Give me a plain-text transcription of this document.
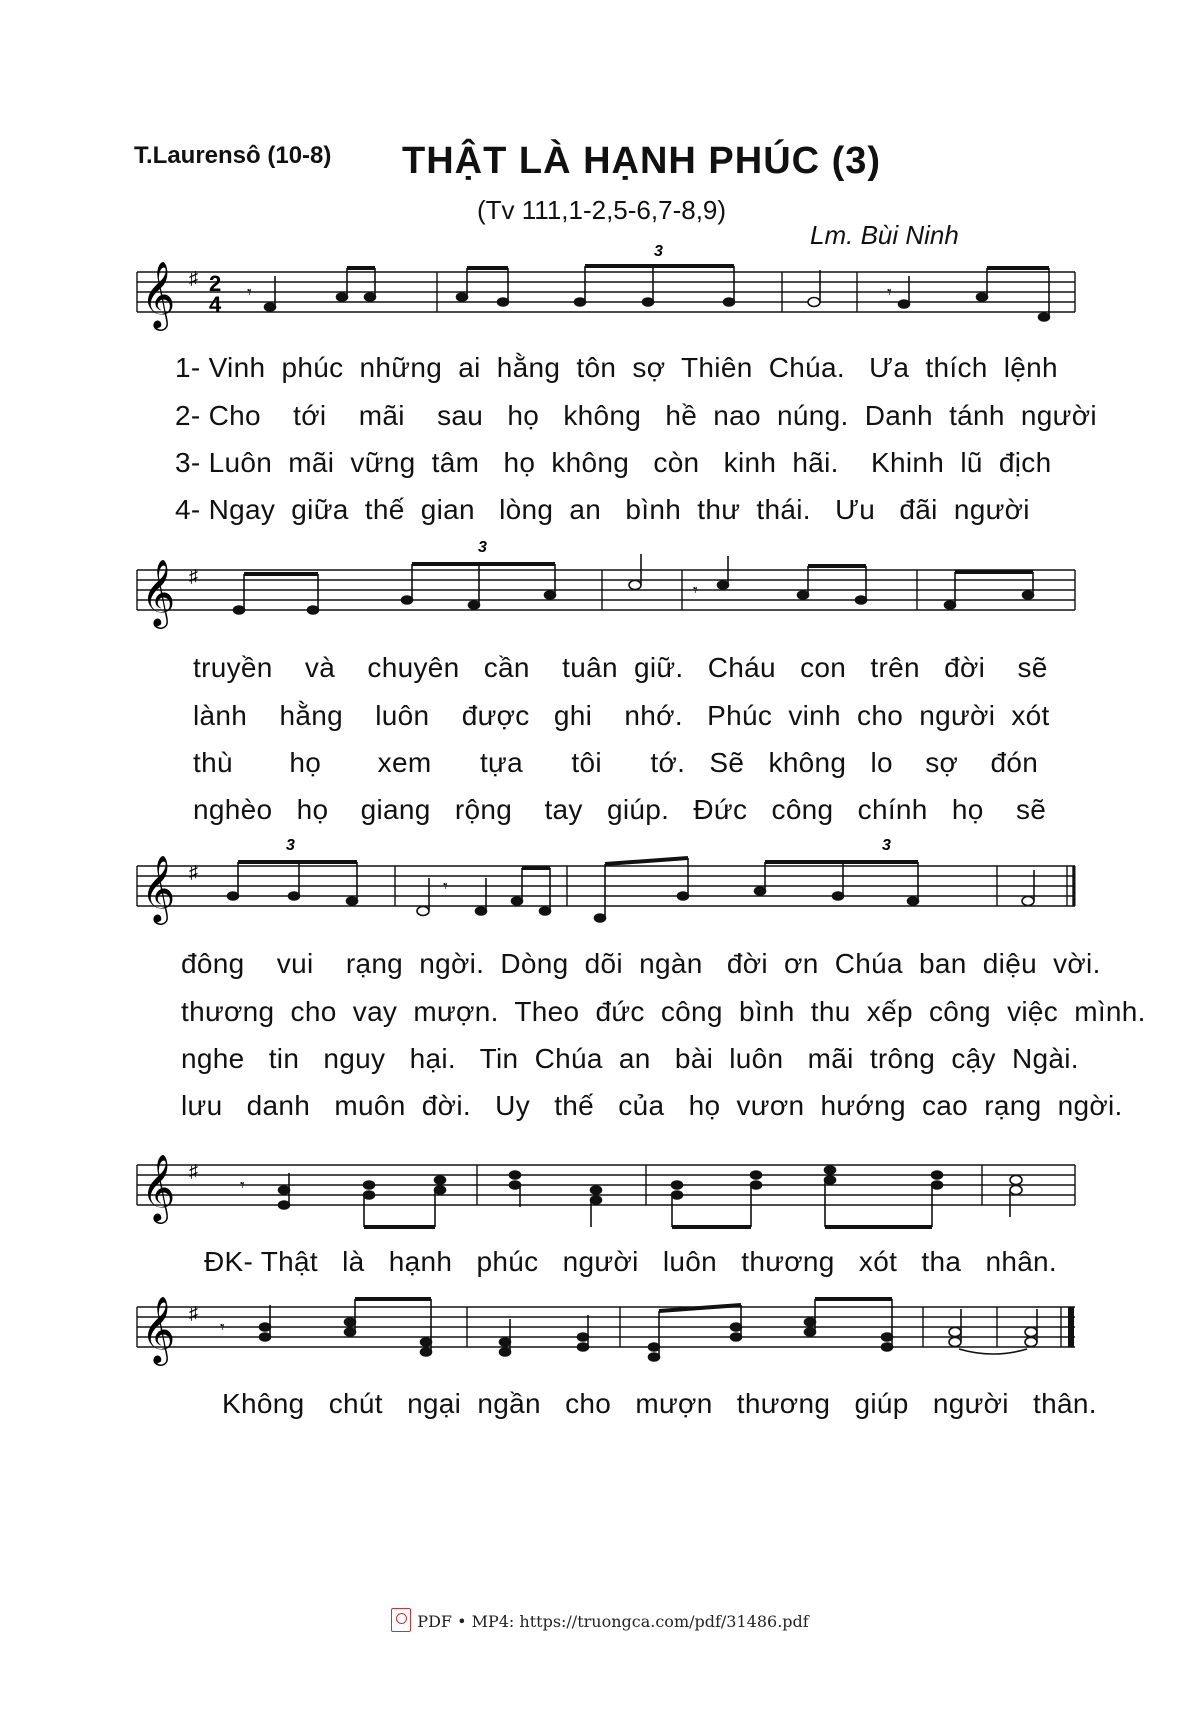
T.Laurensô (10-8) THẬT LÀ HẠNH PHÚC (3)
(Tv 111,1-2,5-6,7-8,9)
Lm. Bùi Ninh
𝄞 ♯ 2
4 𝄾
3
𝄾
1- Vinh  phúc  những  ai  hằng  tôn  sợ  Thiên  Chúa.   Ưa  thích  lệnh
2- Cho    tới    mãi    sau   họ   không   hề  nao  núng.  Danh  tánh  người
3- Luôn  mãi  vững  tâm   họ  không   còn   kinh  hãi.    Khinh  lũ  địch
4- Ngay  giữa  thế  gian   lòng  an   bình  thư  thái.   Ưu   đãi  người
𝄞 ♯
3
𝄾
truyền    và    chuyên   cần    tuân  giữ.   Cháu   con   trên   đời    sẽ
lành    hằng    luôn    được   ghi    nhớ.   Phúc  vinh  cho  người  xót
thù       họ       xem      tựa      tôi      tớ.   Sẽ   không   lo    sợ    đón
nghèo   họ    giang   rộng    tay   giúp.   Đức   công   chính   họ    sẽ
𝄞 ♯
3	3
𝄾
đông    vui    rạng  ngời.  Dòng  dõi  ngàn   đời  ơn  Chúa  ban  diệu  vời.
thương  cho  vay  mượn.  Theo  đức  công  bình  thu  xếp  công  việc  mình.
nghe   tin   nguy   hại.   Tin  Chúa  an   bài  luôn   mãi  trông  cậy  Ngài.
lưu   danh   muôn  đời.   Uy   thế   của   họ  vươn  hướng  cao  rạng  ngời.
𝄞 ♯
𝄾
ĐK- Thật   là   hạnh   phúc   người   luôn   thương   xót   tha   nhân.
𝄞 ♯
𝄾
Không   chút   ngại  ngần   cho   mượn   thương   giúp   người   thân.
PDF • MP4: https://truongca.com/pdf/31486.pdf
